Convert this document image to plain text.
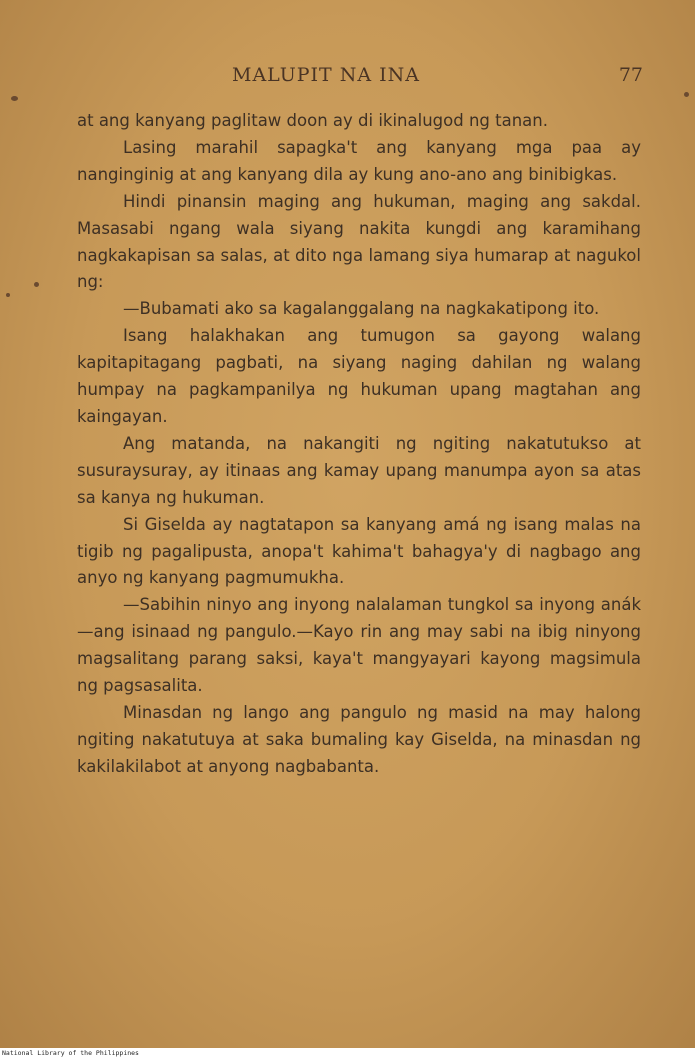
MALUPIT NA INA	77

at ang kanyang paglitaw doon ay di ikinalugod ng tanan.

Lasing marahil sapagka't ang kanyang mga paa ay nanginginig at ang kanyang dila ay kung ano-ano ang binibigkas.

Hindi pinansin maging ang hukuman, maging ang sakdal. Masasabi ngang wala siyang nakita kungdi ang karamihang nagkakapisan sa salas, at dito nga lamang siya humarap at nagukol ng:

—Bubamati ako sa kagalanggalang na nagkakatipong ito.

Isang halakhakan ang tumugon sa gayong walang kapitapitagang pagbati, na siyang naging dahilan ng walang humpay na pagkampanilya ng hukuman upang magtahan ang kaingayan.

Ang matanda, na nakangiti ng ngiting nakatutukso at susuraysuray, ay itinaas ang kamay upang manumpa ayon sa atas sa kanya ng hukuman.

Si Giselda ay nagtatapon sa kanyang amá ng isang malas na tigib ng pagalipusta, anopa't kahima't bahagya'y di nagbago ang anyo ng kanyang pagmumukha.

—Sabihin ninyo ang inyong nalalaman tungkol sa inyong anák—ang isinaad ng pangulo.—Kayo rin ang may sabi na ibig ninyong magsalitang parang saksi, kaya't mangyayari kayong magsimula ng pagsasalita.

Minasdan ng lango ang pangulo ng masid na may halong ngiting nakatutuya at saka bumaling kay Giselda, na minasdan ng kakilakilabot at anyong nagbabanta.

National Library of the Philippines
